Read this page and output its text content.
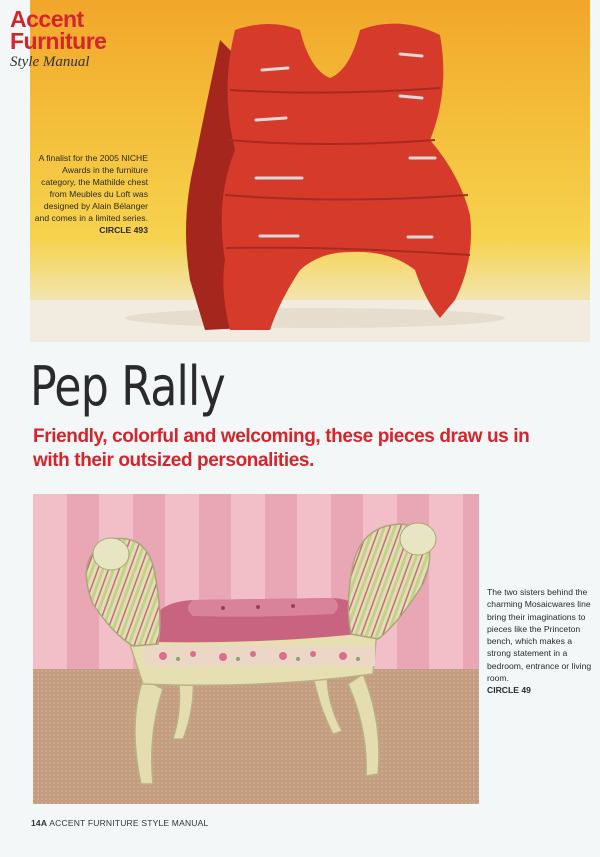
Accent
Furniture
Style Manual
A finalist for the 2005 NICHE Awards in the furniture category, the Mathilde chest from Meubles du Loft was designed by Alain Bélanger and comes in a limited series.
CIRCLE 493
Pep Rally
Friendly, colorful and welcoming, these pieces draw us in with their outsized personalities.
The two sisters behind the charming Mosaicwares line bring their imaginations to pieces like the Princeton bench, which makes a strong statement in a bedroom, entrance or living room.
CIRCLE 49
14A ACCENT FURNITURE STYLE MANUAL
